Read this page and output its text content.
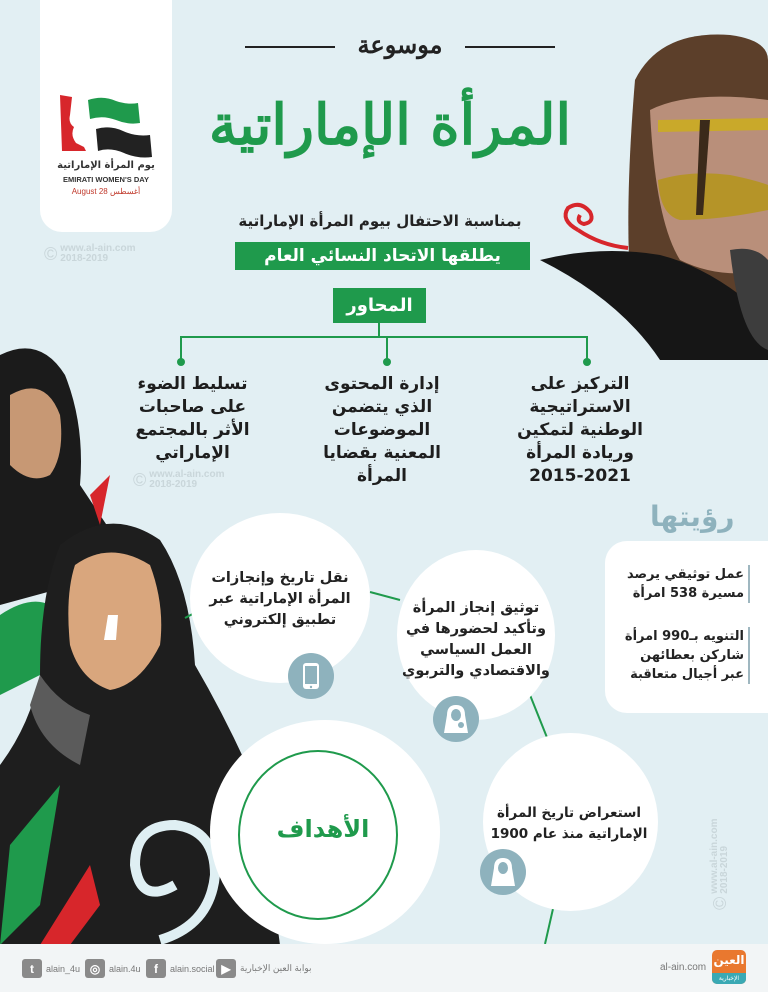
يوم المرأة الإماراتية
EMIRATI WOMEN'S DAY
August 28 أغسطس
© www.al-ain.com
2018-2019
© www.al-ain.com
2018-2019
©
www.al-ain.com
2018-2019
موسوعة
المرأة الإماراتية
بمناسبة الاحتفال بيوم المرأة الإماراتية
يطلقها الاتحاد النسائي العام
المحاور
التركيز على الاستراتيجية الوطنية لتمكين وريادة المرأة 2021-2015
إدارة المحتوى الذي يتضمن الموضوعات المعنية بقضايا المرأة
تسليط الضوء على صاحبات الأثر بالمجتمع الإماراتي
رؤيتها
عمل توثيقي يرصد مسيرة 538 امرأة
التنويه بـ990 امرأة شاركن بعطائهن عبر أجيال متعاقبة
نقل تاريخ وإنجازات المرأة الإماراتية عبر تطبيق إلكتروني
توثيق إنجاز المرأة وتأكيد لحضورها في العمل السياسي والاقتصادي والتربوي
الأهداف
استعراض تاريخ المرأة الإماراتية منذ عام 1900
t	alain_4u ◎ alain.4u	f	alain.social ▶	بوابة العين الإخبارية	al-ain.com
العين
الإخبارية
